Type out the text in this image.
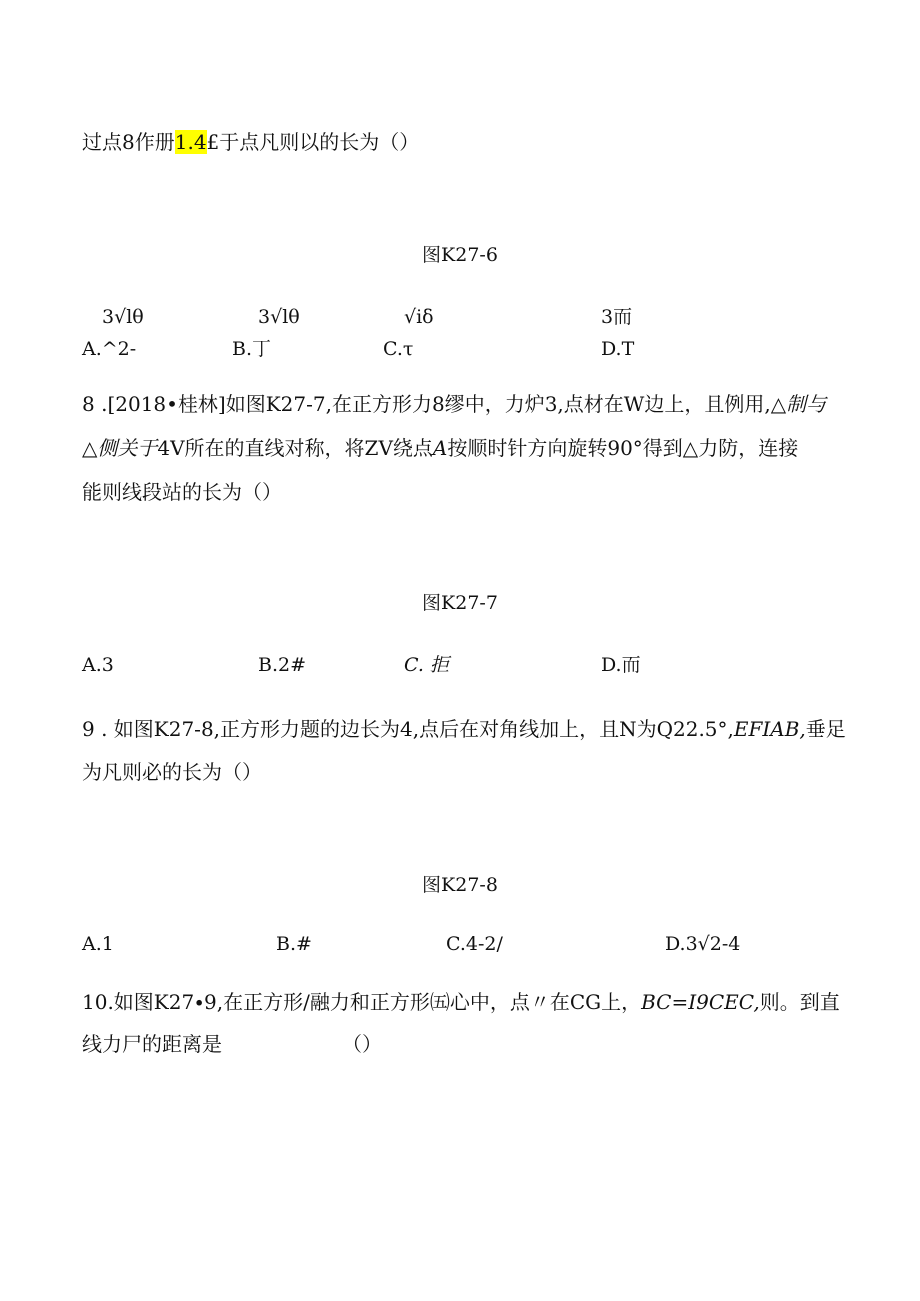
过点8作册1.4£于点凡则以的长为（）
图K27-6
3√lθ	3√lθ	√iδ	3而
A.^2-	B.丁	C.τ	D.T
8 .[2018•桂林]如图K27-7,在正方形力8缪中，力炉3,点材在W边上，且例用,△制与
△侧关于4V所在的直线对称，将ZV绕点A按顺时针方向旋转90°得到△力防，连接
能则线段站的长为（）
图K27-7
A.3	B.2#	C. 拒	D.而
9 . 如图K27-8,正方形力题的边长为4,点后在对角线加上，且N为Q22.5°,EFIAB,垂足
为凡则必的长为（）
图K27-8
A.1	B.#	C.4-2/	D.3√2-4
10.如图K27∙9,在正方形/融力和正方形㈤心中，点〃在CG上，BC=I9CEC,则。到直
线力尸的距离是	（）
